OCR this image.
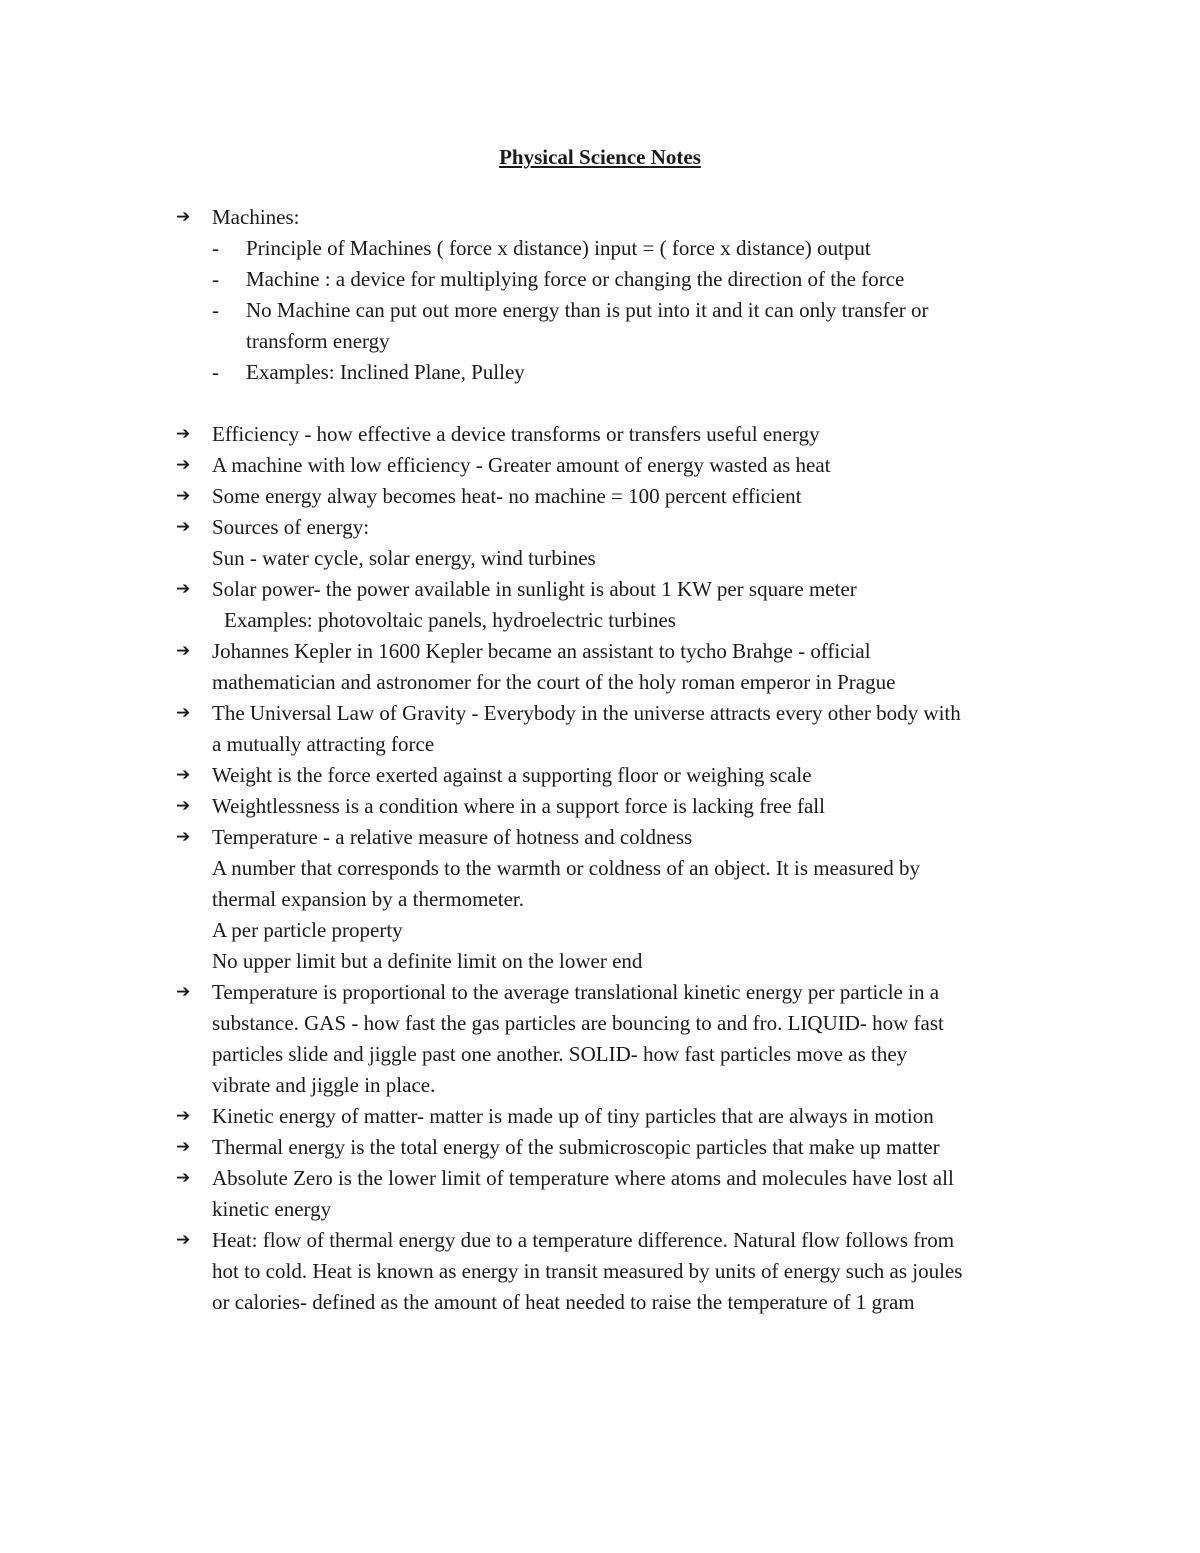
Physical Science Notes
➔	Machines:
-	Principle of Machines ( force x distance) input = ( force x distance) output
-	Machine : a device for multiplying force or changing the direction of the force
-	No Machine can put out more energy than is put into it and it can only transfer or
transform energy
-	Examples: Inclined Plane, Pulley
➔	Efficiency - how effective a device transforms or transfers useful energy
➔	A machine with low efficiency - Greater amount of energy wasted as heat
➔	Some energy alway becomes heat- no machine = 100 percent efficient
➔	Sources of energy:
Sun - water cycle, solar energy, wind turbines
➔	Solar power- the power available in sunlight is about 1 KW per square meter
Examples: photovoltaic panels, hydroelectric turbines
➔	Johannes Kepler in 1600 Kepler became an assistant to tycho Brahge - official
mathematician and astronomer for the court of the holy roman emperor in Prague
➔	The Universal Law of Gravity - Everybody in the universe attracts every other body with
a mutually attracting force
➔	Weight is the force exerted against a supporting floor or weighing scale
➔	Weightlessness is a condition where in a support force is lacking free fall
➔	Temperature - a relative measure of hotness and coldness
A number that corresponds to the warmth or coldness of an object. It is measured by
thermal expansion by a thermometer.
A per particle property
No upper limit but a definite limit on the lower end
➔	Temperature is proportional to the average translational kinetic energy per particle in a
substance. GAS - how fast the gas particles are bouncing to and fro. LIQUID- how fast
particles slide and jiggle past one another. SOLID- how fast particles move as they
vibrate and jiggle in place.
➔	Kinetic energy of matter- matter is made up of tiny particles that are always in motion
➔	Thermal energy is the total energy of the submicroscopic particles that make up matter
➔	Absolute Zero is the lower limit of temperature where atoms and molecules have lost all
kinetic energy
➔	Heat: flow of thermal energy due to a temperature difference. Natural flow follows from
hot to cold. Heat is known as energy in transit measured by units of energy such as joules
or calories- defined as the amount of heat needed to raise the temperature of 1 gram
